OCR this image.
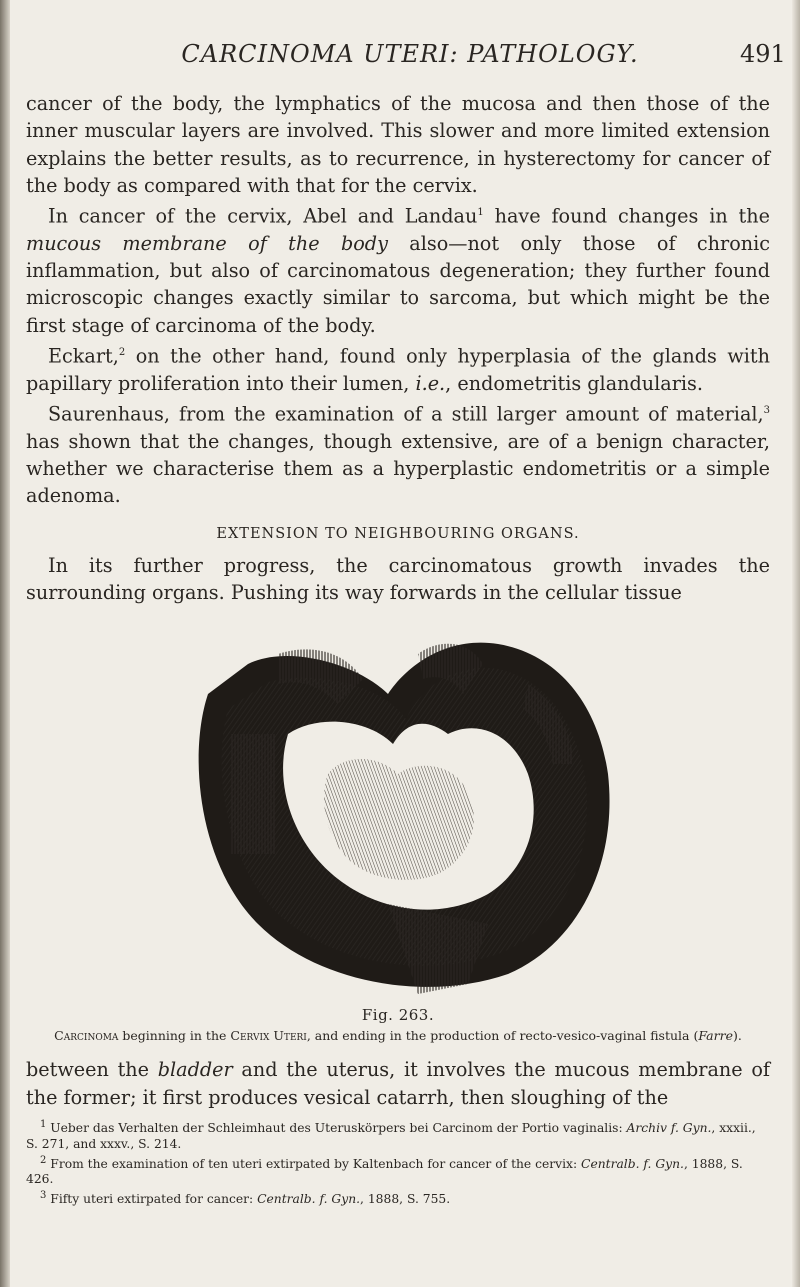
CARCINOMA UTERI: PATHOLOGY.	491

cancer of the body, the lymphatics of the mucosa and then those of the inner muscular layers are involved. This slower and more limited extension explains the better results, as to recurrence, in hysterectomy for cancer of the body as compared with that for the cervix.

In cancer of the cervix, Abel and Landau$^1$ have found changes in the mucous membrane of the body also—not only those of chronic inflammation, but also of carcinomatous degeneration; they further found microscopic changes exactly similar to sarcoma, but which might be the first stage of carcinoma of the body.

Eckart,$^2$ on the other hand, found only hyperplasia of the glands with papillary proliferation into their lumen, i.e., endometritis glandularis.

Saurenhaus, from the examination of a still larger amount of material,$^3$ has shown that the changes, though extensive, are of a benign character, whether we characterise them as a hyperplastic endometritis or a simple adenoma.

EXTENSION TO NEIGHBOURING ORGANS.

In its further progress, the carcinomatous growth invades the surrounding organs. Pushing its way forwards in the cellular tissue

Fig. 263.
Carcinoma beginning in the Cervix Uteri, and ending in the production of recto-vesico-vaginal fistula (Farre).

between the bladder and the uterus, it involves the mucous membrane of the former; it first produces vesical catarrh, then sloughing of the

$^1$ Ueber das Verhalten der Schleimhaut des Uteruskörpers bei Carcinom der Portio vaginalis: Archiv f. Gyn., xxxii., S. 271, and xxxv., S. 214.

$^2$ From the examination of ten uteri extirpated by Kaltenbach for cancer of the cervix: Centralb. f. Gyn., 1888, S. 426.

$^3$ Fifty uteri extirpated for cancer: Centralb. f. Gyn., 1888, S. 755.
